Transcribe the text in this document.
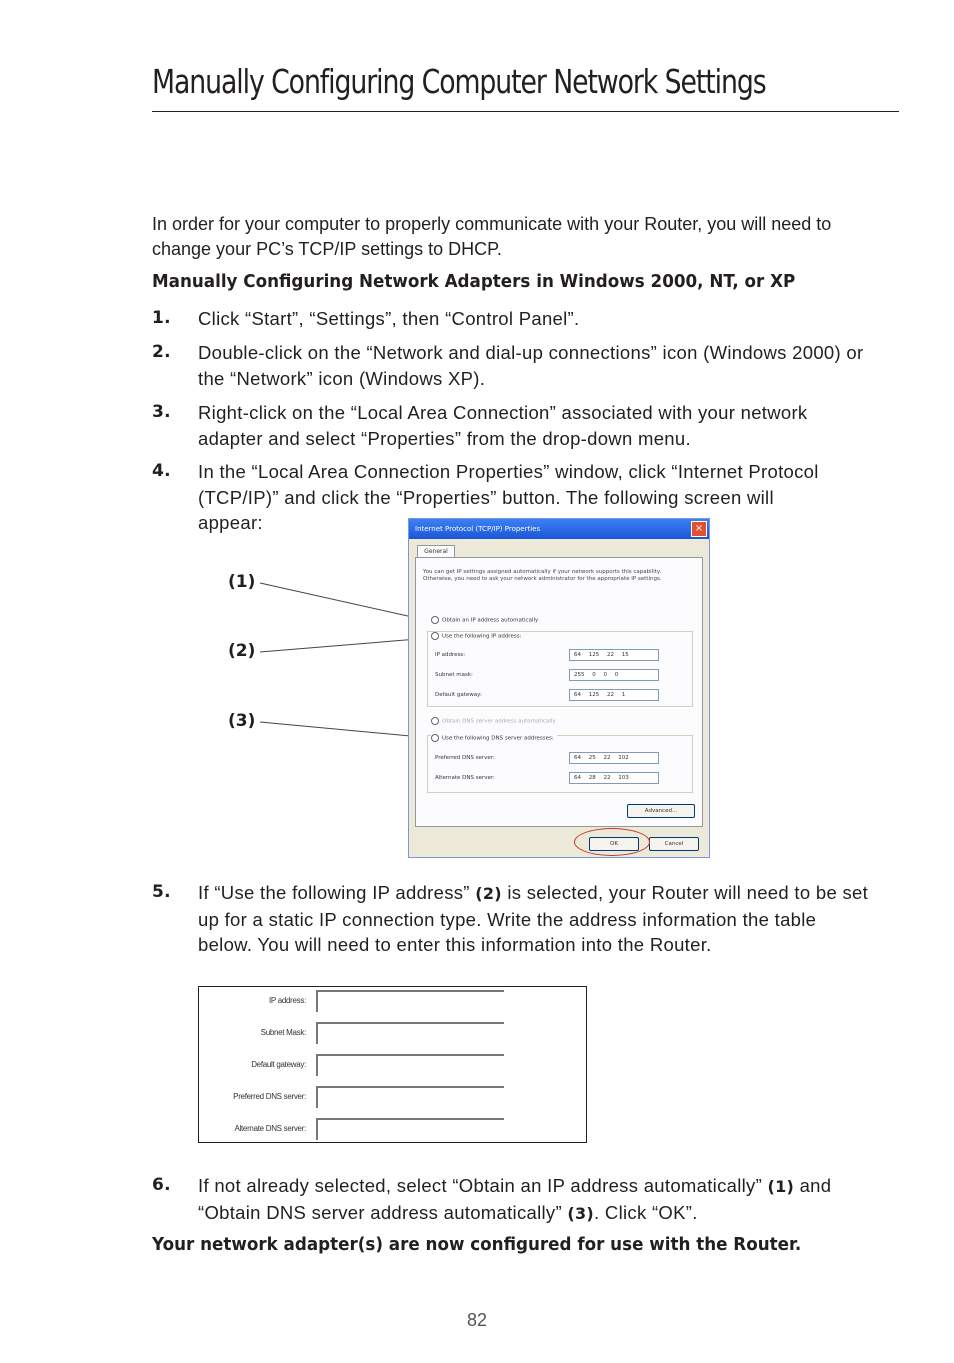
Manually Configuring Computer Network Settings
In order for your computer to properly communicate with your Router, you will need to change your PC’s TCP/IP settings to DHCP.
Manually Configuring Network Adapters in Windows 2000, NT, or XP
1. Click “Start”, “Settings”, then “Control Panel”.
2. Double-click on the “Network and dial-up connections” icon (Windows 2000) or the “Network” icon (Windows XP).
3. Right-click on the “Local Area Connection” associated with your network adapter and select “Properties” from the drop-down menu.
4. In the “Local Area Connection Properties” window, click “Internet Protocol (TCP/IP)” and click the “Properties” button. The following screen will appear:
(1)
(2)
(3)
Internet Protocol (TCP/IP) Properties	×
General
You can get IP settings assigned automatically if your network supports this capability. Otherwise, you need to ask your network administrator for the appropriate IP settings.
Obtain an IP address automatically
Use the following IP address:
IP address:	64 125 22 15
Subnet mask:	255 0 0 0
Default gateway:	64 125 22 1
Obtain DNS server address automatically
Use the following DNS server addresses:
Preferred DNS server:	64 25 22 102
Alternate DNS server:	64 28 22 103
Advanced...
OK	Cancel
5. If “Use the following IP address” (2) is selected, your Router will need to be set up for a static IP connection type. Write the address information the table below. You will need to enter this information into the Router.
IP address:
Subnet Mask:
Default gateway:
Preferred DNS server:
Alternate DNS server:
6. If not already selected, select “Obtain an IP address automatically” (1) and “Obtain DNS server address automatically” (3). Click “OK”.
Your network adapter(s) are now configured for use with the Router.
82
